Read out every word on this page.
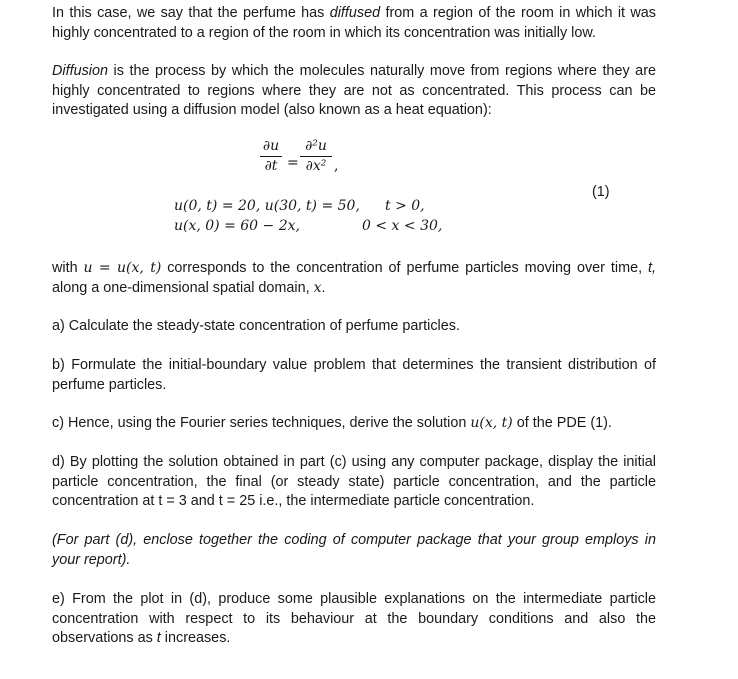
In this case, we say that the perfume has diffused from a region of the room in which it was highly concentrated to a region of the room in which its concentration was initially low.

Diffusion is the process by which the molecules naturally move from regions where they are highly concentrated to regions where they are not as concentrated. This process can be investigated using a diffusion model (also known as a heat equation):

∂u
∂t =
∂²u
∂x² ,
u(0, t) = 20, u(30, t) = 50, t > 0,
u(x, 0) = 60 − 2x,	0 < x < 30,
(1)

with u = u(x, t) corresponds to the concentration of perfume particles moving over time, t, along a one-dimensional spatial domain, x.

a) Calculate the steady-state concentration of perfume particles.

b) Formulate the initial-boundary value problem that determines the transient distribution of perfume particles.

c) Hence, using the Fourier series techniques, derive the solution u(x, t) of the PDE (1).

d) By plotting the solution obtained in part (c) using any computer package, display the initial particle concentration, the final (or steady state) particle concentration, and the particle concentration at t = 3 and t = 25 i.e., the intermediate particle concentration.

(For part (d), enclose together the coding of computer package that your group employs in your report).

e) From the plot in (d), produce some plausible explanations on the intermediate particle concentration with respect to its behaviour at the boundary conditions and also the observations as t increases.
